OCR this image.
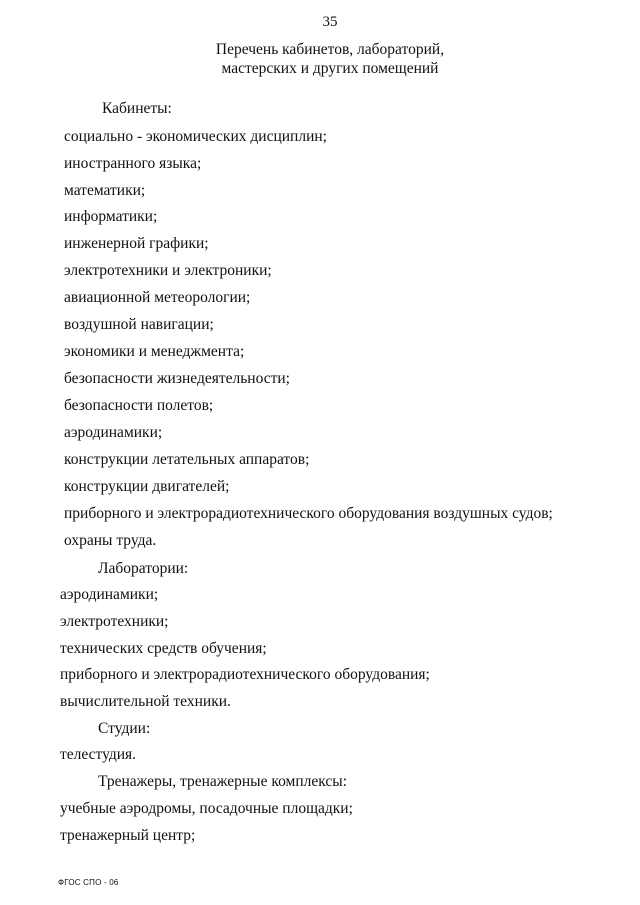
35
Перечень кабинетов, лабораторий,
мастерских и других помещений
Кабинеты:
социально - экономических дисциплин;
иностранного языка;
математики;
информатики;
инженерной графики;
электротехники и электроники;
авиационной метеорологии;
воздушной навигации;
экономики и менеджмента;
безопасности жизнедеятельности;
безопасности полетов;
аэродинамики;
конструкции летательных аппаратов;
конструкции двигателей;
приборного и электрорадиотехнического оборудования воздушных судов;
охраны труда.
Лаборатории:
аэродинамики;
электротехники;
технических средств обучения;
приборного и электрорадиотехнического оборудования;
вычислительной техники.
Студии:
телестудия.
Тренажеры, тренажерные комплексы:
учебные аэродромы, посадочные площадки;
тренажерный центр;
ФГОС СПО - 06
